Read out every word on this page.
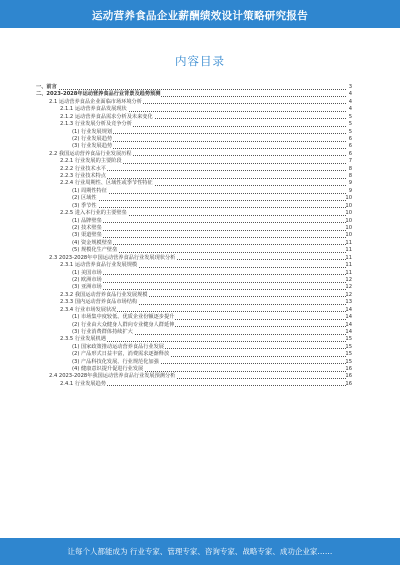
运动营养食品企业薪酬绩效设计策略研究报告
内容目录
一、前言	3
二、2023-2028年运动营养食品行业背景及趋势预测	4
2.1 运动营养食品企业面临市场环境分析	4
2.1.1 运动营养食品发展现状	4
2.1.2 运动营养食品需求分析及未来变化	5
2.1.3 行业发展分析及竞争分析	5
(1) 行业发展规划	5
(2) 行业发展趋势	6
(3) 行业发展趋势	6
2.2 我国运动营养食品行业发展历程	6
2.2.1 行业发展的主要阶段	7
2.2.2 行业技术水平	8
2.2.3 行业技术特点	8
2.2.4 行业周期性、区域性或季节性特征	9
(1) 周期性特征	9
(2) 区域性	10
(3) 季节性	10
2.2.5 进入本行业的主要壁垒	10
(1) 品牌壁垒	10
(2) 技术壁垒	10
(3) 渠道壁垒	10
(4) 资金规模壁垒	11
(5) 规模化生产壁垒	11
2.3 2023-2028年中国运动营养食品行业发展现状分析	11
2.3.1 运动营养食品行业发展规模	11
(1) 美国市场	11
(2) 欧洲市场	12
(3) 亚洲市场	12
2.3.2 我国运动营养食品行业发展规模	12
2.3.3 国内运动营养食品市场结构	13
2.3.4 行业市场发展状况	14
(1) 市场集中度较低、优质企业份额逐步提升	14
(2) 行业由大众健身人群向专业健身人群延伸	14
(3) 行业消费群体持续扩大	14
2.3.5 行业发展机遇	15
(1) 国家政策推动运动营养食品行业发展	15
(2) 产品形式日益丰富，消费需求逐渐释放	15
(3) 产品科技化发展、行业规范化加强	15
(4) 健康意识提升促进行业发展	16
2.4 2023-2028年我国运动营养食品行业发展预测分析	16
2.4.1 行业发展趋势	16
让每个人都能成为 行业专家、管理专家、咨询专家、战略专家、成功企业家……
